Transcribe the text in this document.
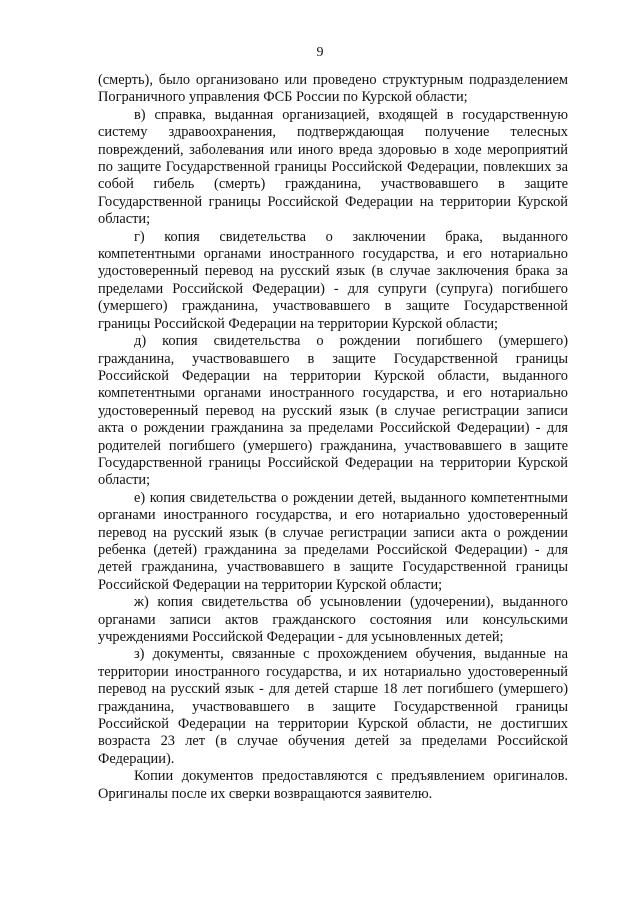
9

(смерть), было организовано или проведено структурным подразделением Пограничного управления ФСБ России по Курской области;

в) справка, выданная организацией, входящей в государственную систему здравоохранения, подтверждающая получение телесных повреждений, заболевания или иного вреда здоровью в ходе мероприятий по защите Государственной границы Российской Федерации, повлекших за собой гибель (смерть) гражданина, участвовавшего в защите Государственной границы Российской Федерации на территории Курской области;

г) копия свидетельства о заключении брака, выданного компетентными органами иностранного государства, и его нотариально удостоверенный перевод на русский язык (в случае заключения брака за пределами Российской Федерации) - для супруги (супруга) погибшего (умершего) гражданина, участвовавшего в защите Государственной границы Российской Федерации на территории Курской области;

д) копия свидетельства о рождении погибшего (умершего) гражданина, участвовавшего в защите Государственной границы Российской Федерации на территории Курской области, выданного компетентными органами иностранного государства, и его нотариально удостоверенный перевод на русский язык (в случае регистрации записи акта о рождении гражданина за пределами Российской Федерации) - для родителей погибшего (умершего) гражданина, участвовавшего в защите Государственной границы Российской Федерации на территории Курской области;

е) копия свидетельства о рождении детей, выданного компетентными органами иностранного государства, и его нотариально удостоверенный перевод на русский язык (в случае регистрации записи акта о рождении ребенка (детей) гражданина за пределами Российской Федерации) - для детей гражданина, участвовавшего в защите Государственной границы Российской Федерации на территории Курской области;

ж) копия свидетельства об усыновлении (удочерении), выданного органами записи актов гражданского состояния или консульскими учреждениями Российской Федерации - для усыновленных детей;

з) документы, связанные с прохождением обучения, выданные на территории иностранного государства, и их нотариально удостоверенный перевод на русский язык - для детей старше 18 лет погибшего (умершего) гражданина, участвовавшего в защите Государственной границы Российской Федерации на территории Курской области, не достигших возраста 23 лет (в случае обучения детей за пределами Российской Федерации).

Копии документов предоставляются с предъявлением оригиналов. Оригиналы после их сверки возвращаются заявителю.
